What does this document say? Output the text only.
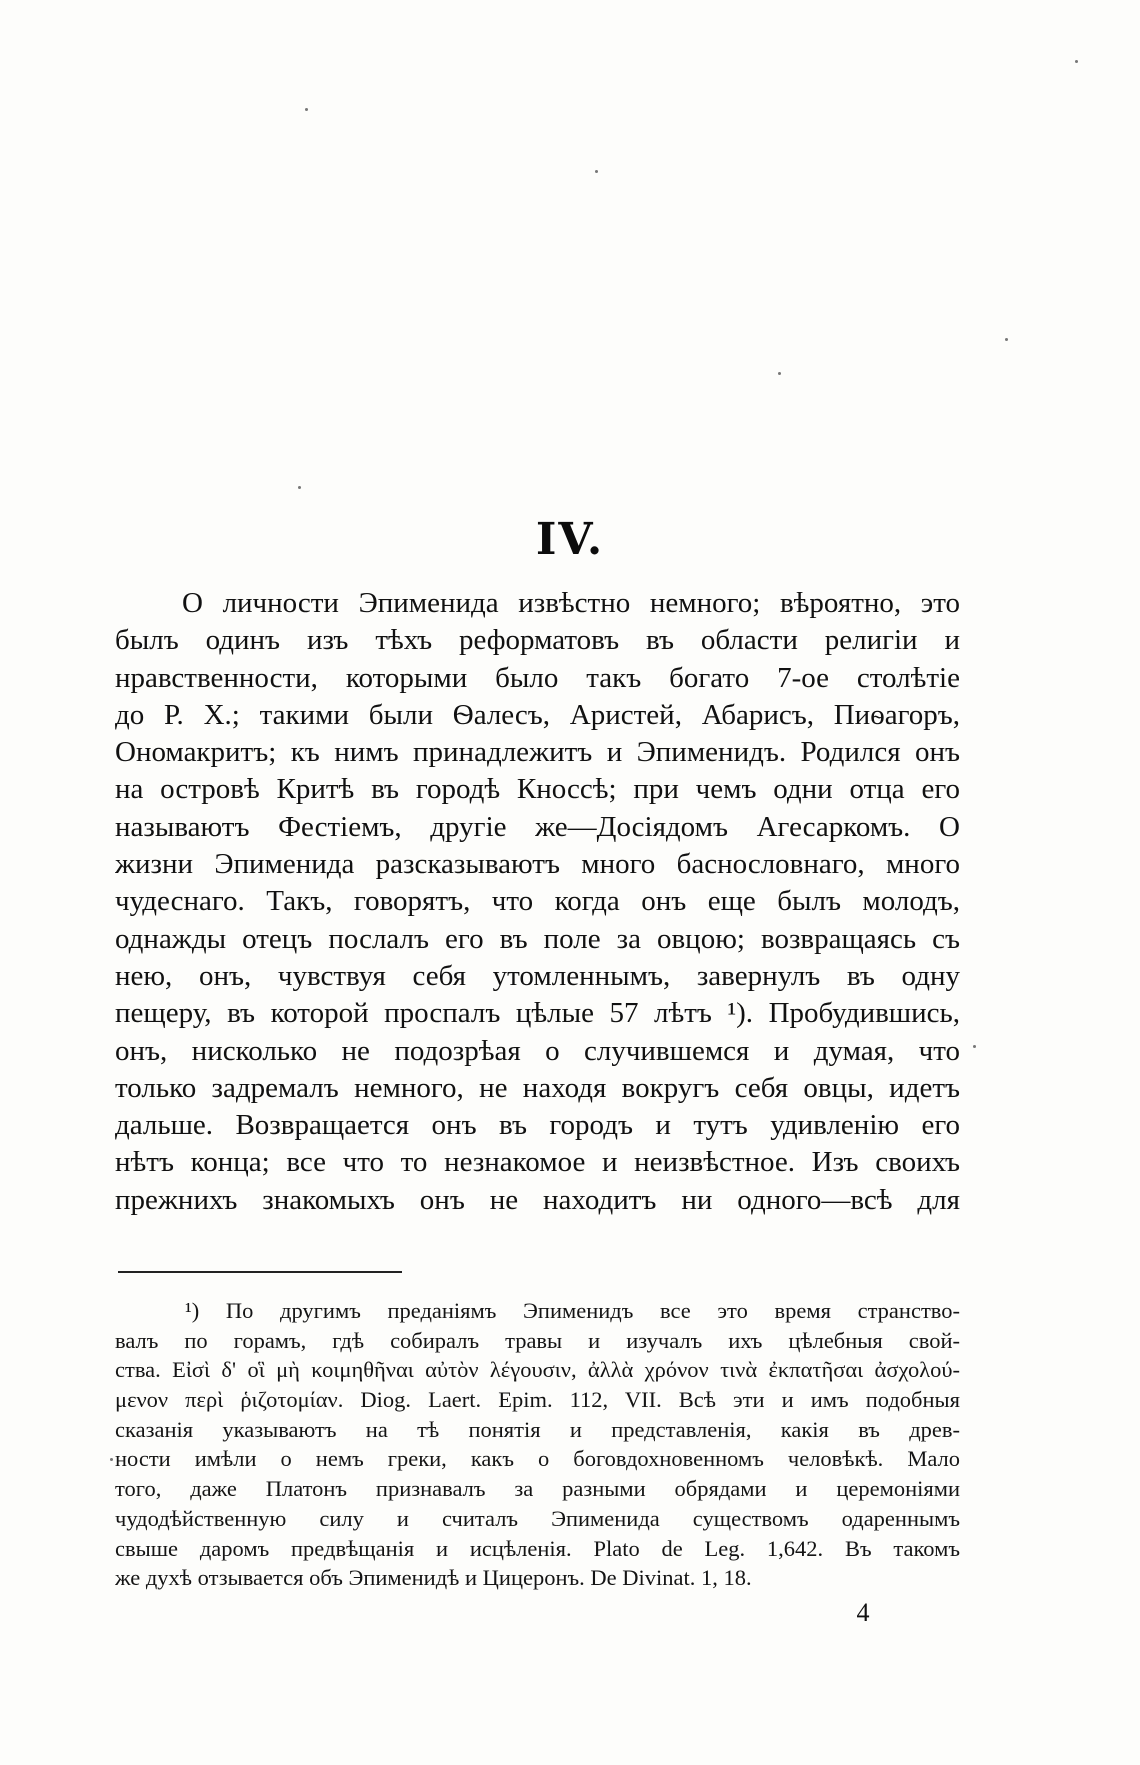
IV.
О личности Эпименида извѣстно немного; вѣроятно, это
былъ одинъ изъ тѣхъ реформатовъ въ области религіи и
нравственности, которыми было такъ богато 7-ое столѣтіе
до Р. X.; такими были Ѳалесъ, Аристей, Абарисъ, Пиѳагоръ,
Ономакритъ; къ нимъ принадлежитъ и Эпименидъ. Родился онъ
на островѣ Критѣ въ городѣ Кноссѣ; при чемъ одни отца его
называютъ Фестіемъ, другіе же—Досіядомъ Агесаркомъ. О
жизни Эпименида разсказываютъ много баснословнаго, много
чудеснаго. Такъ, говорятъ, что когда онъ еще былъ молодъ,
однажды отецъ послалъ его въ поле за овцою; возвращаясь съ
нею, онъ, чувствуя себя утомленнымъ, завернулъ въ одну
пещеру, въ которой проспалъ цѣлые 57 лѣтъ ¹). Пробудившись,
онъ, нисколько не подозрѣая о случившемся и думая, что
только задремалъ немного, не находя вокругъ себя овцы, идетъ
дальше. Возвращается онъ въ городъ и тутъ удивленію его
нѣтъ конца; все что то незнакомое и неизвѣстное. Изъ своихъ
прежнихъ знакомыхъ онъ не находитъ ни одного—всѣ для
¹) По другимъ преданіямъ Эпименидъ все это время странство-
валъ по горамъ, гдѣ собиралъ травы и изучалъ ихъ цѣлебныя свой-
ства. Εἰσὶ δ' οἳ μὴ κοιμηθῆναι αὐτὸν λέγουσιν, ἀλλὰ χρόνον τινὰ ἐκπατῆσαι ἀσχολού-
μενον περὶ ῥιζοτομίαν. Diog. Laert. Epim. 112, VII. Всѣ эти и имъ подобныя
сказанія указываютъ на тѣ понятія и представленія, какія въ древ-
ности имѣли о немъ греки, какъ о боговдохновенномъ человѣкѣ. Мало
того, даже Платонъ признавалъ за разными обрядами и церемоніями
чудодѣйственную силу и считалъ Эпименида существомъ одареннымъ
свыше даромъ предвѣщанія и исцѣленія. Plato de Leg. 1,642. Въ такомъ
же духѣ отзывается объ Эпименидѣ и Цицеронъ. De Divinat. 1, 18.
4
